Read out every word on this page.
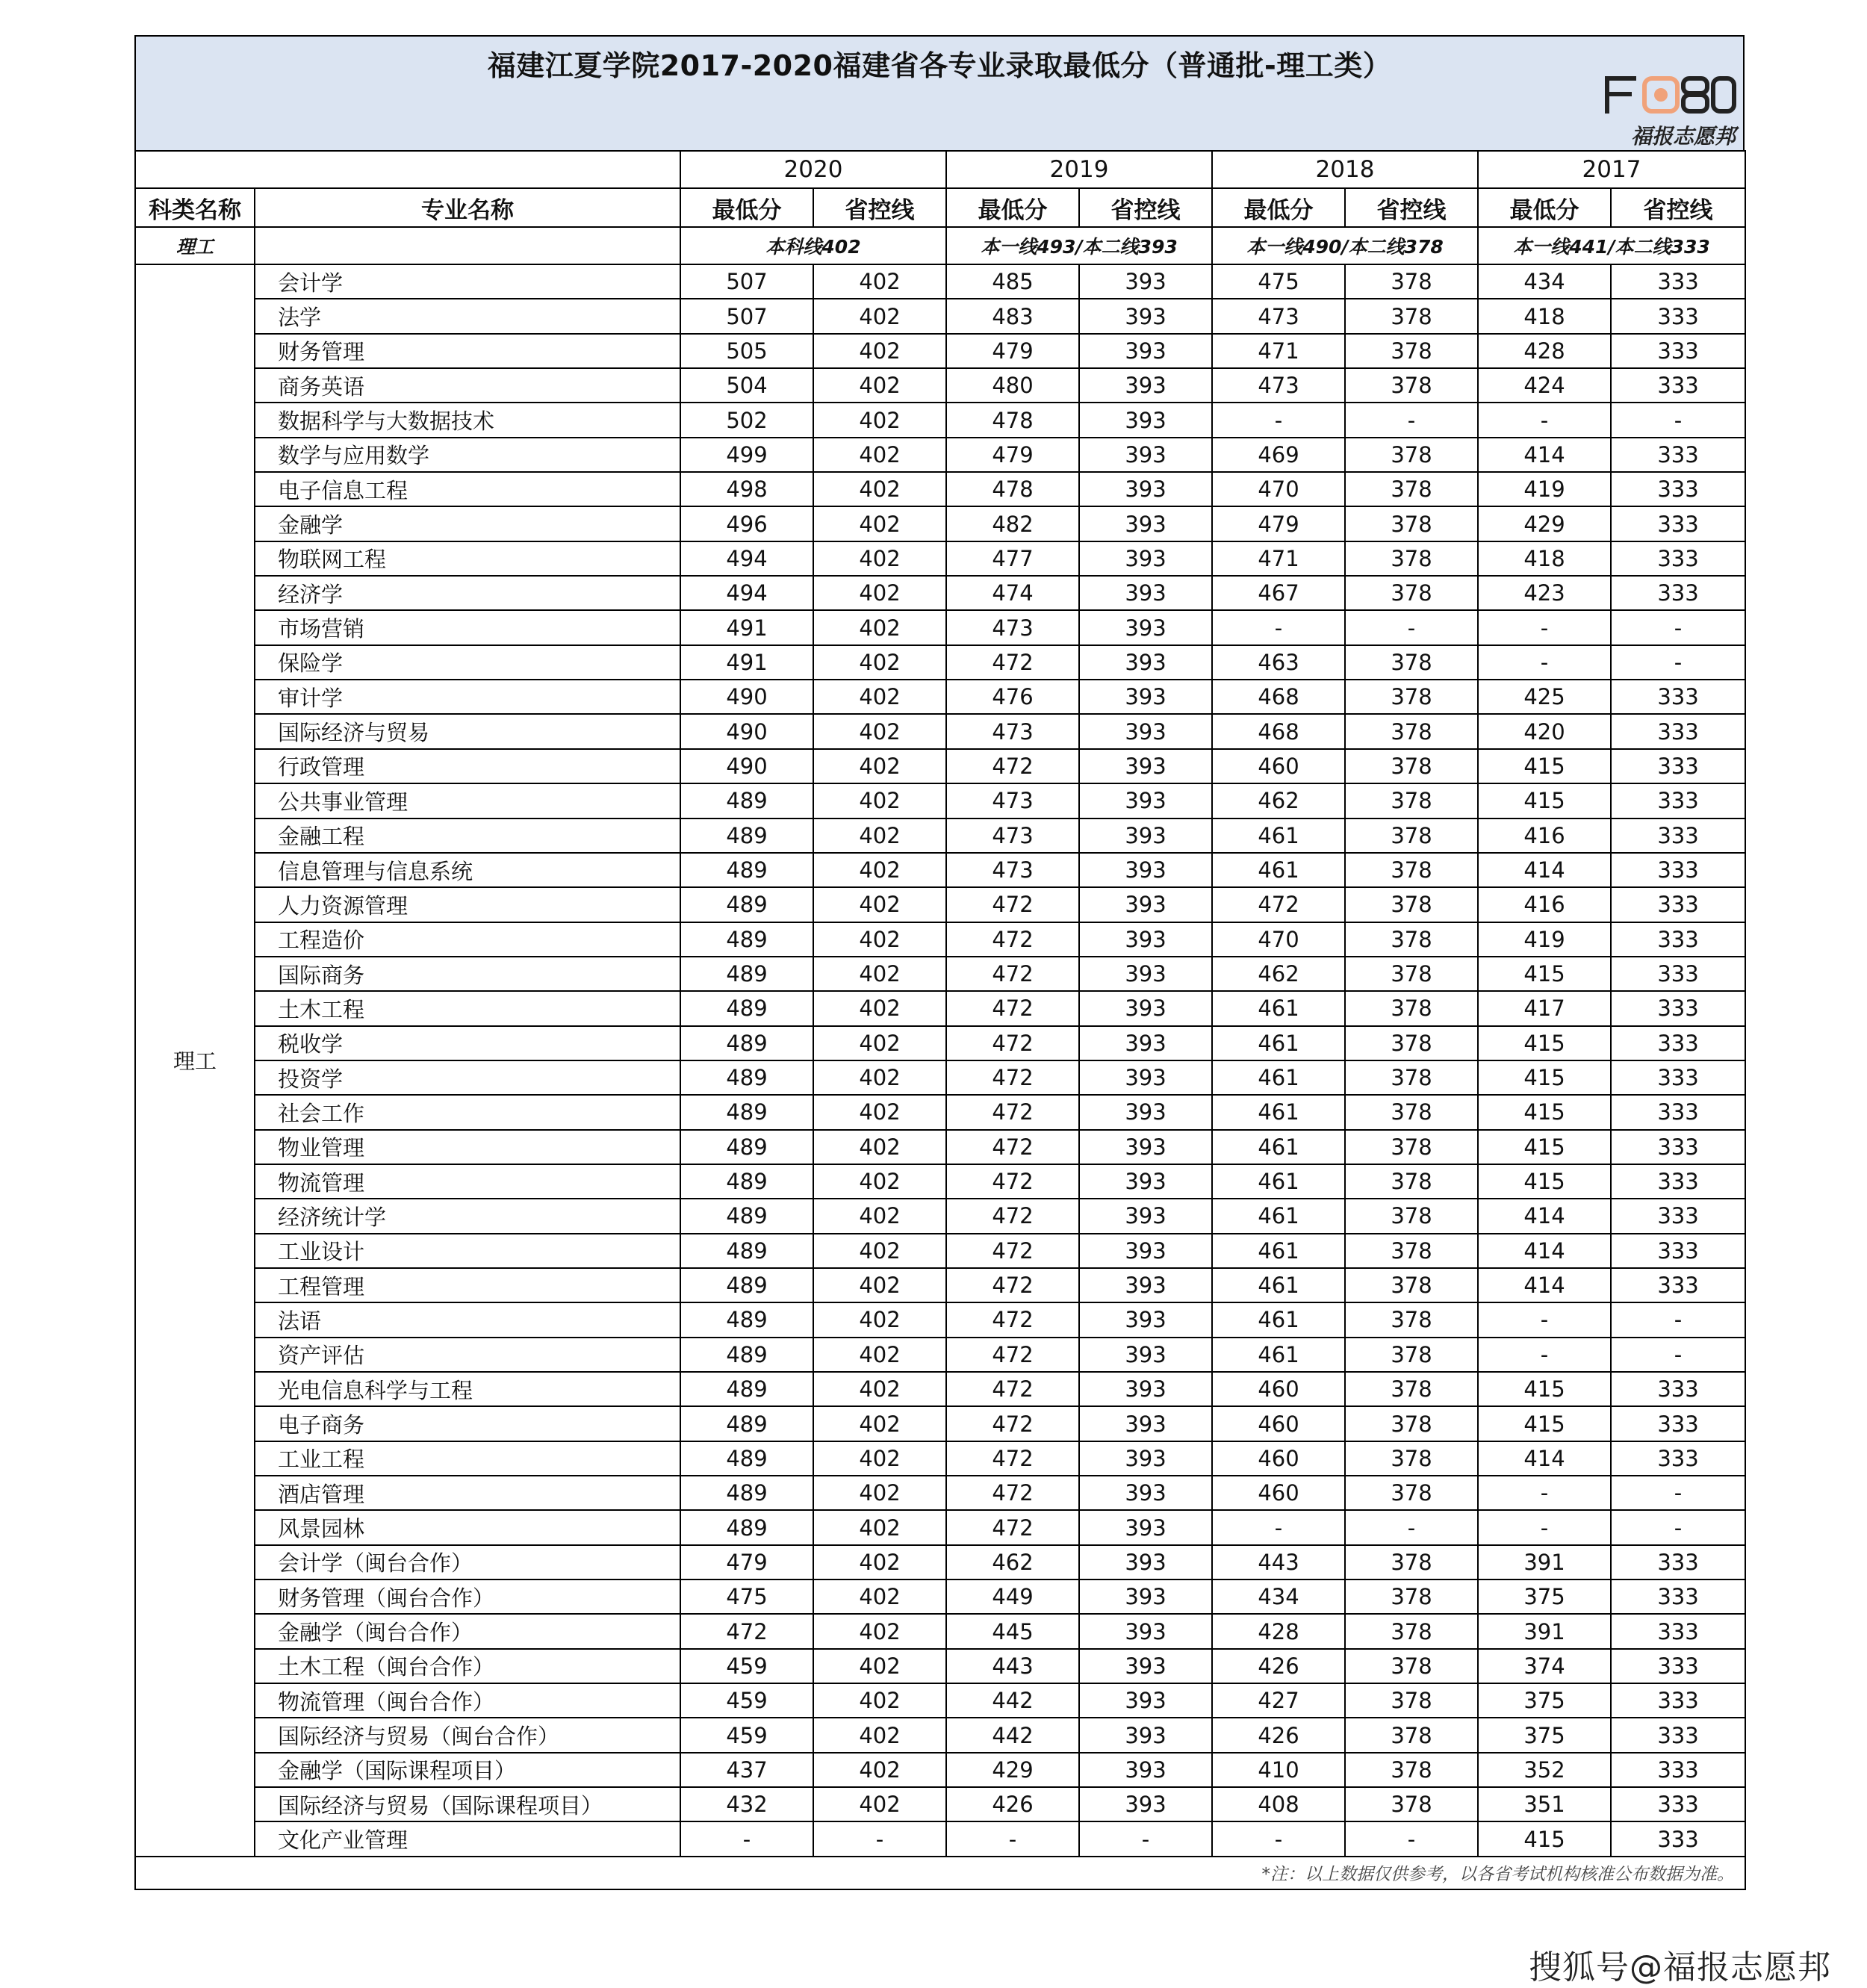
福建江夏学院2017-2020福建省各专业录取最低分（普通批-理工类）
福报志愿邦
		2020		2019		2018		2017	
科类名称	专业名称	最低分	省控线	最低分	省控线	最低分	省控线	最低分	省控线
理工		本科线402		本一线493/本二线393		本一线490/本二线378		本一线441/本二线333	
理工	会计学	507	402	485	393	475	378	434	333
	法学	507	402	483	393	473	378	418	333
	财务管理	505	402	479	393	471	378	428	333
	商务英语	504	402	480	393	473	378	424	333
	数据科学与大数据技术	502	402	478	393	-	-	-	-
	数学与应用数学	499	402	479	393	469	378	414	333
	电子信息工程	498	402	478	393	470	378	419	333
	金融学	496	402	482	393	479	378	429	333
	物联网工程	494	402	477	393	471	378	418	333
	经济学	494	402	474	393	467	378	423	333
	市场营销	491	402	473	393	-	-	-	-
	保险学	491	402	472	393	463	378	-	-
	审计学	490	402	476	393	468	378	425	333
	国际经济与贸易	490	402	473	393	468	378	420	333
	行政管理	490	402	472	393	460	378	415	333
	公共事业管理	489	402	473	393	462	378	415	333
	金融工程	489	402	473	393	461	378	416	333
	信息管理与信息系统	489	402	473	393	461	378	414	333
	人力资源管理	489	402	472	393	472	378	416	333
	工程造价	489	402	472	393	470	378	419	333
	国际商务	489	402	472	393	462	378	415	333
	土木工程	489	402	472	393	461	378	417	333
	税收学	489	402	472	393	461	378	415	333
	投资学	489	402	472	393	461	378	415	333
	社会工作	489	402	472	393	461	378	415	333
	物业管理	489	402	472	393	461	378	415	333
	物流管理	489	402	472	393	461	378	415	333
	经济统计学	489	402	472	393	461	378	414	333
	工业设计	489	402	472	393	461	378	414	333
	工程管理	489	402	472	393	461	378	414	333
	法语	489	402	472	393	461	378	-	-
	资产评估	489	402	472	393	461	378	-	-
	光电信息科学与工程	489	402	472	393	460	378	415	333
	电子商务	489	402	472	393	460	378	415	333
	工业工程	489	402	472	393	460	378	414	333
	酒店管理	489	402	472	393	460	378	-	-
	风景园林	489	402	472	393	-	-	-	-
	会计学（闽台合作）	479	402	462	393	443	378	391	333
	财务管理（闽台合作）	475	402	449	393	434	378	375	333
	金融学（闽台合作）	472	402	445	393	428	378	391	333
	土木工程（闽台合作）	459	402	443	393	426	378	374	333
	物流管理（闽台合作）	459	402	442	393	427	378	375	333
	国际经济与贸易（闽台合作）	459	402	442	393	426	378	375	333
	金融学（国际课程项目）	437	402	429	393	410	378	352	333
	国际经济与贸易（国际课程项目）	432	402	426	393	408	378	351	333
	文化产业管理	-	-	-	-	-	-	415	333
*注：以上数据仅供参考，以各省考试机构核准公布数据为准。									
搜狐号@福报志愿邦
